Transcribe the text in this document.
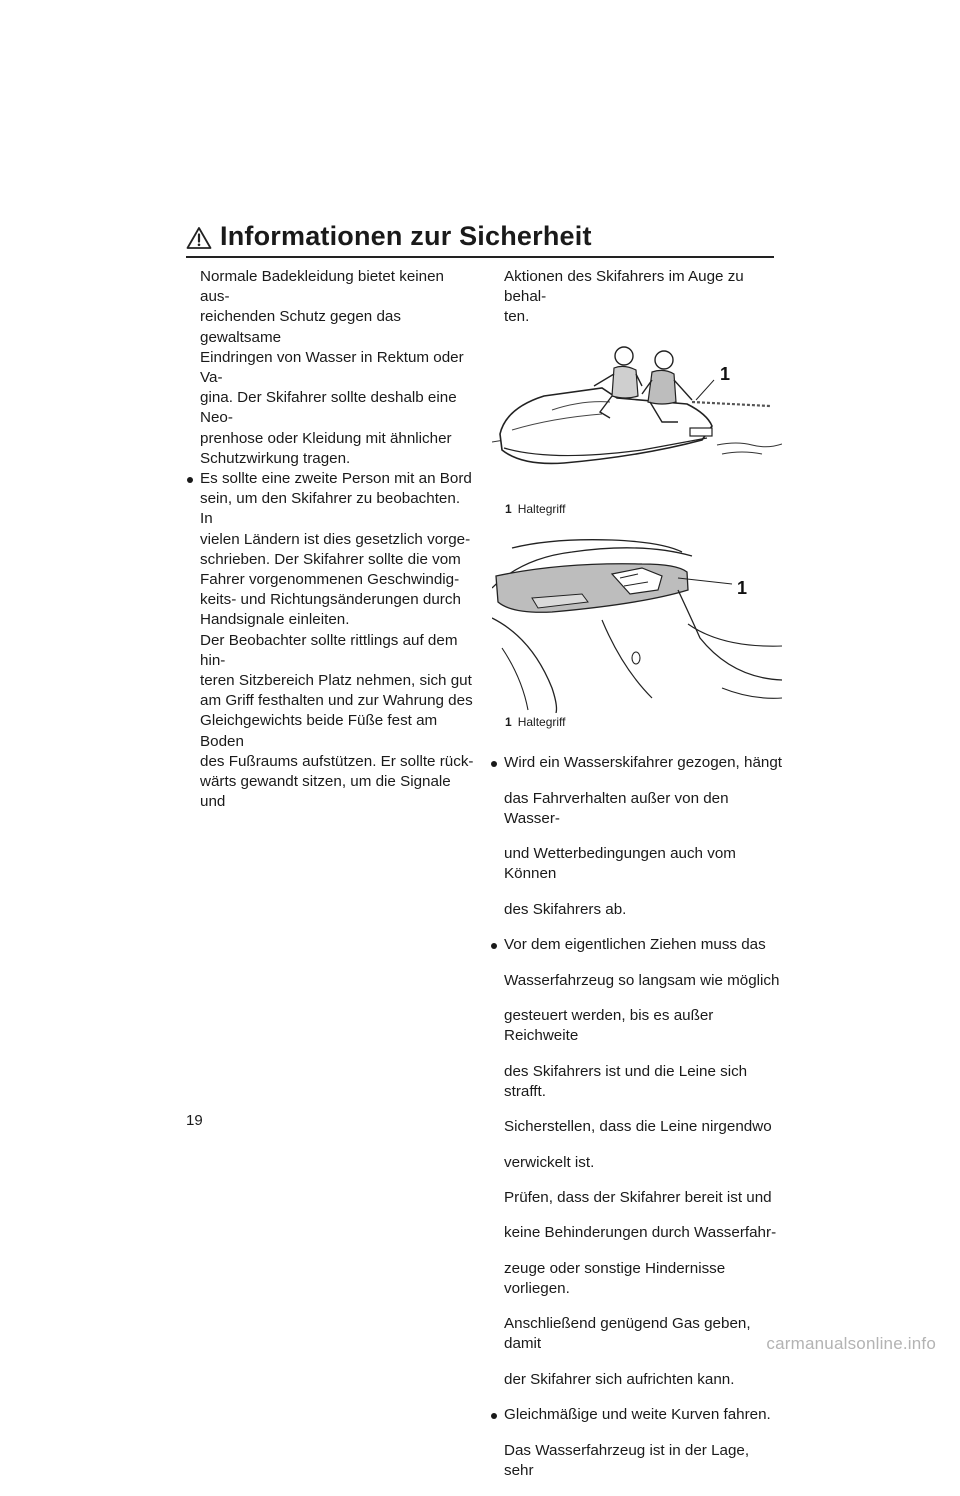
Informationen zur Sicherheit

Normale Badekleidung bietet keinen aus-

reichenden Schutz gegen das gewaltsame

Eindringen von Wasser in Rektum oder Va-

gina. Der Skifahrer sollte deshalb eine Neo-

prenhose oder Kleidung mit ähnlicher

Schutzwirkung tragen.

Es sollte eine zweite Person mit an Bord

sein, um den Skifahrer zu beobachten. In

vielen Ländern ist dies gesetzlich vorge-

schrieben. Der Skifahrer sollte die vom

Fahrer vorgenommenen Geschwindig-

keits- und Richtungsänderungen durch

Handsignale einleiten.

Der Beobachter sollte rittlings auf dem hin-

teren Sitzbereich Platz nehmen, sich gut

am Griff festhalten und zur Wahrung des

Gleichgewichts beide Füße fest am Boden

des Fußraums aufstützen. Er sollte rück-

wärts gewandt sitzen, um die Signale und

Aktionen des Skifahrers im Auge zu behal-

ten.

1
1 Haltegriff
1
1 Haltegriff

Wird ein Wasserskifahrer gezogen, hängt

das Fahrverhalten außer von den Wasser-

und Wetterbedingungen auch vom Können

des Skifahrers ab.

Vor dem eigentlichen Ziehen muss das

Wasserfahrzeug so langsam wie möglich

gesteuert werden, bis es außer Reichweite

des Skifahrers ist und die Leine sich strafft.

Sicherstellen, dass die Leine nirgendwo

verwickelt ist.

Prüfen, dass der Skifahrer bereit ist und

keine Behinderungen durch Wasserfahr-

zeuge oder sonstige Hindernisse vorliegen.

Anschließend genügend Gas geben, damit

der Skifahrer sich aufrichten kann.

Gleichmäßige und weite Kurven fahren.

Das Wasserfahrzeug ist in der Lage, sehr

19
carmanualsonline.info
